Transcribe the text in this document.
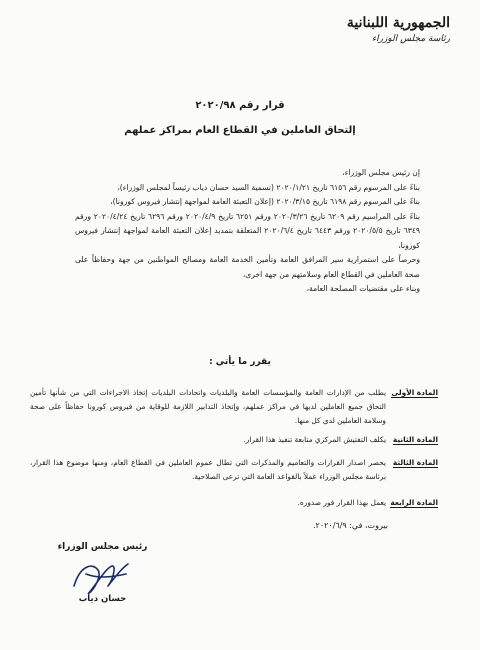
الجمهورية اللبنانية
رئاسة مجلس الوزراء
قرار رقم ٢٠٢٠/٩٨
إلتحاق العاملين في القطاع العام بمراكز عملهم

إن رئيس مجلس الوزراء،

بناءً على المرسوم رقم ٦١٥٦ تاريخ ٢٠٢٠/١/٢١ (تسمية السيد حسان دياب رئيساً لمجلس الوزراء)،

بناءً على المرسوم رقم ٦١٩٨ تاريخ ٢٠٢٠/٣/١٥ (إعلان التعبئة العامة لمواجهة إنتشار فيروس كورونا)،

بناءً على المراسيم رقم ٦٢٠٩ تاريخ ٢٠٢٠/٣/٢٦ ورقم ٦٢٥١ تاريخ ٢٠٢٠/٤/٩ ورقم ٦٢٩٦ تاريخ ٢٠٢٠/٤/٢٤ ورقم ٦٣٤٩ تاريخ ٢٠٢٠/٥/٥ ورقم ٦٤٤٣ تاريخ ٢٠٢٠/٦/٤ المتعلقة بتمديد إعلان التعبئة العامة لمواجهة إنتشار فيروس كورونا،

وحرصاً على استمرارية سير المرافق العامة وتأمين الخدمة العامة ومصالح المواطنين من جهة وحفاظاً على صحة العاملين في القطاع العام وسلامتهم من جهة اخرى،

وبناء على مقتضيات المصلحة العامة،

يقرر ما يأتي :
المادة الأولى
يطلب من الإدارات العامة والمؤسسات العامة والبلديات واتحادات البلديات إتخاذ الاجراءات التي من شأنها تأمين التحاق جميع العاملين لديها في مراكز عملهم، وإتخاذ التدابير اللازمة للوقاية من فيروس كورونا حفاظاً على صحة وسلامة العاملين لدى كل منها.
المادة الثانية
يكلف التفتيش المركزي متابعة تنفيذ هذا القرار.
المادة الثالثة
يحصر اصدار القرارات والتعاميم والمذكرات التي تطال عموم العاملين في القطاع العام، ومنها موضوع هذا القرار، برئاسة مجلس الوزراء عملاً بالقواعد العامة التي ترعى الصلاحية.
المادة الرابعة
يعمل بهذا القرار فور صدوره.
بيروت، في: ٢٠٢٠/٦/٩.
رئيس مجلس الوزراء
حسان دياب
